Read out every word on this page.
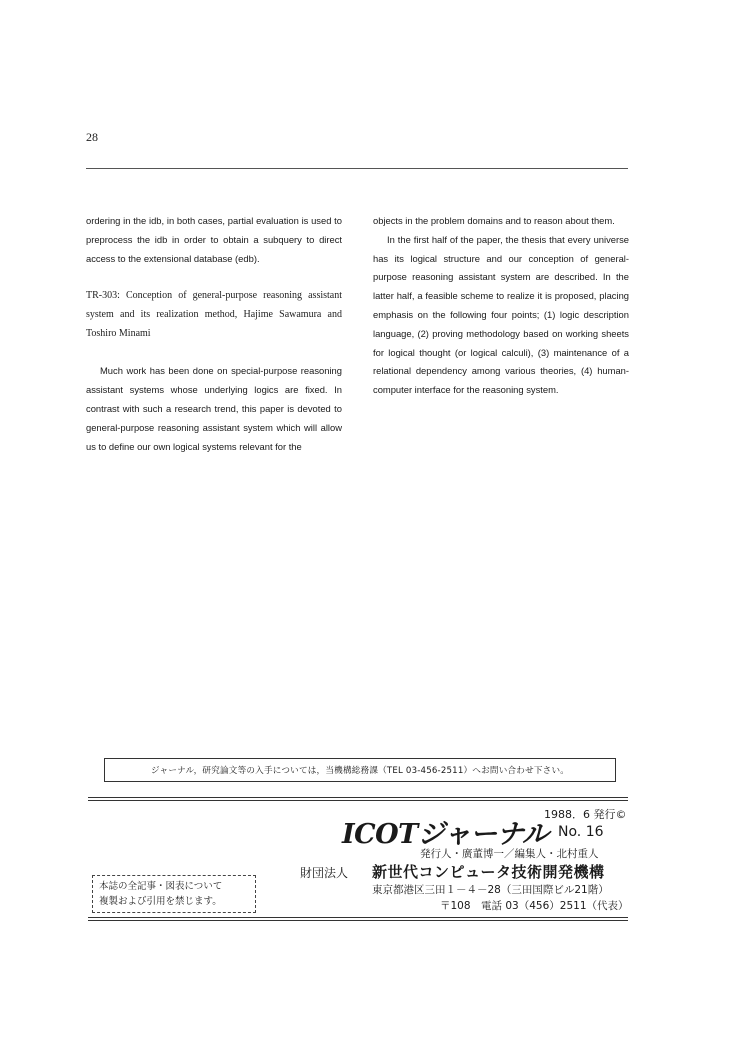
28

ordering in the idb, in both cases, partial evaluation is used to preprocess the idb in order to obtain a subquery to direct access to the extensional database (edb).

TR-303: Conception of general-purpose reasoning assistant system and its realization method, Hajime Sawamura and Toshiro Minami

Much work has been done on special-purpose reasoning assistant systems whose underlying logics are fixed. In contrast with such a research trend, this paper is devoted to general-purpose reasoning assistant system which will allow us to define our own logical systems relevant for the

objects in the problem domains and to reason about them.

In the first half of the paper, the thesis that every universe has its logical structure and our conception of general-purpose reasoning assistant system are described. In the latter half, a feasible scheme to realize it is proposed, placing emphasis on the following four points; (1) logic description language, (2) proving methodology based on working sheets for logical thought (or logical calculi), (3) maintenance of a relational dependency among various theories, (4) human-computer interface for the reasoning system.

ジャーナル，研究論文等の入手については，当機構総務課（TEL 03-456-2511）へお問い合わせ下さい。
1988．6 発行©
ICOTジャーナル No. 16
発行人・廣董博一／編集人・北村重人
財団法人 新世代コンピュータ技術開発機構
東京都港区三田１－４－28（三田国際ビル21階）
〒108　電話 03（456）2511（代表）
本誌の全記事・図表について
複製および引用を禁じます。
